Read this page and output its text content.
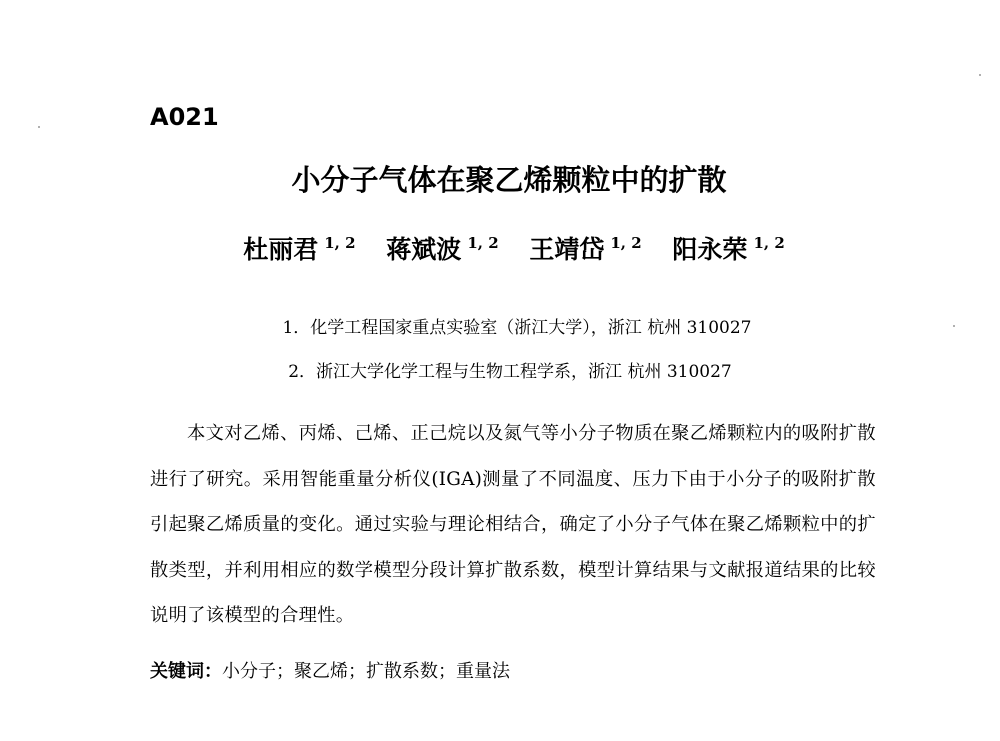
A021
小分子气体在聚乙烯颗粒中的扩散
杜丽君 $^{1, 2}$ 蒋斌波 $^{1, 2}$ 王靖岱 $^{1, 2}$ 阳永荣 $^{1, 2}$
1．化学工程国家重点实验室（浙江大学），浙江 杭州 310027
2．浙江大学化学工程与生物工程学系，浙江 杭州 310027
本文对乙烯、丙烯、己烯、正己烷以及氮气等小分子物质在聚乙烯颗粒内的吸附扩散进行了研究。采用智能重量分析仪(IGA)测量了不同温度、压力下由于小分子的吸附扩散引起聚乙烯质量的变化。通过实验与理论相结合，确定了小分子气体在聚乙烯颗粒中的扩散类型，并利用相应的数学模型分段计算扩散系数，模型计算结果与文献报道结果的比较说明了该模型的合理性。
关键词：小分子；聚乙烯；扩散系数；重量法
